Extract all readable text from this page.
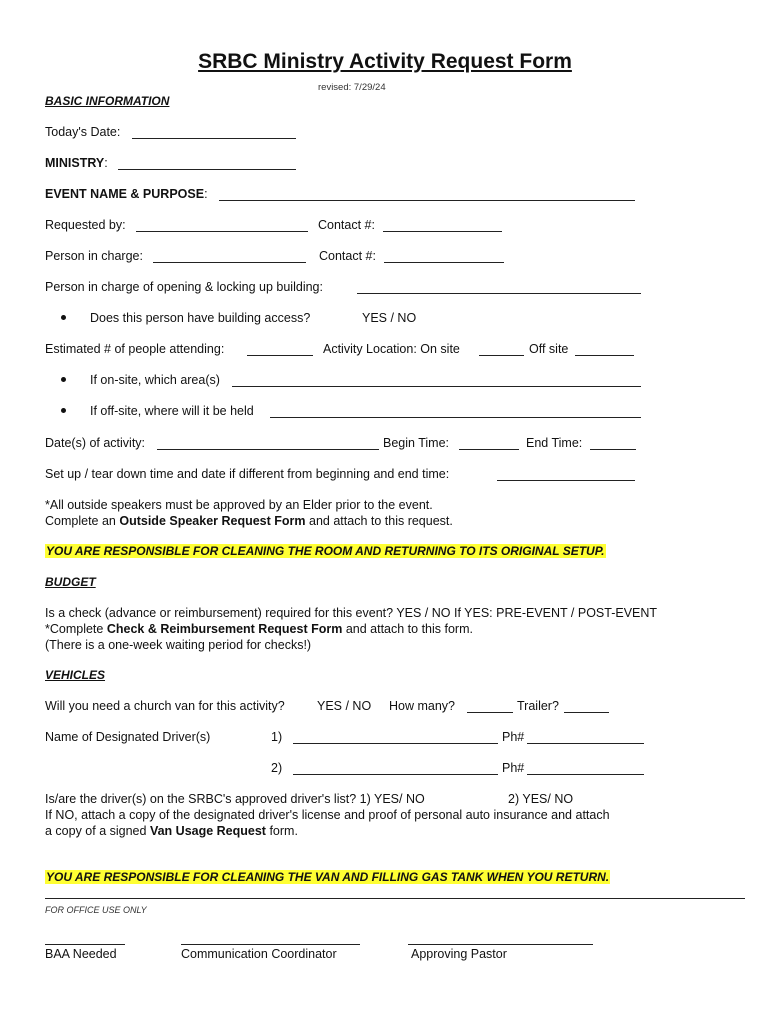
SRBC Ministry Activity Request Form
revised: 7/29/24
BASIC INFORMATION
Today's Date:
MINISTRY:
EVENT NAME & PURPOSE:
Requested by:	Contact #:
Person in charge:	Contact #:
Person in charge of opening & locking up building:
Does this person have building access?	YES / NO
Estimated # of people attending:	Activity Location: On site	Off site
If on-site, which area(s)
If off-site, where will it be held
Date(s) of activity:	Begin Time:	End Time:
Set up / tear down time and date if different from beginning and end time:
*All outside speakers must be approved by an Elder prior to the event.
Complete an Outside Speaker Request Form and attach to this request.
YOU ARE RESPONSIBLE FOR CLEANING THE ROOM AND RETURNING TO ITS ORIGINAL SETUP.
BUDGET
Is a check (advance or reimbursement) required for this event? YES / NO If YES: PRE-EVENT / POST-EVENT
*Complete Check & Reimbursement Request Form and attach to this form.
(There is a one-week waiting period for checks!)
VEHICLES
Will you need a church van for this activity?	YES / NO How many?	Trailer?
Name of Designated Driver(s)	1)	Ph#
2)	Ph#
Is/are the driver(s) on the SRBC's approved driver's list? 1) YES/ NO	2) YES/ NO
If NO, attach a copy of the designated driver's license and proof of personal auto insurance and attach
a copy of a signed Van Usage Request form.
YOU ARE RESPONSIBLE FOR CLEANING THE VAN AND FILLING GAS TANK WHEN YOU RETURN.
FOR OFFICE USE ONLY
BAA Needed	Communication Coordinator	Approving Pastor
